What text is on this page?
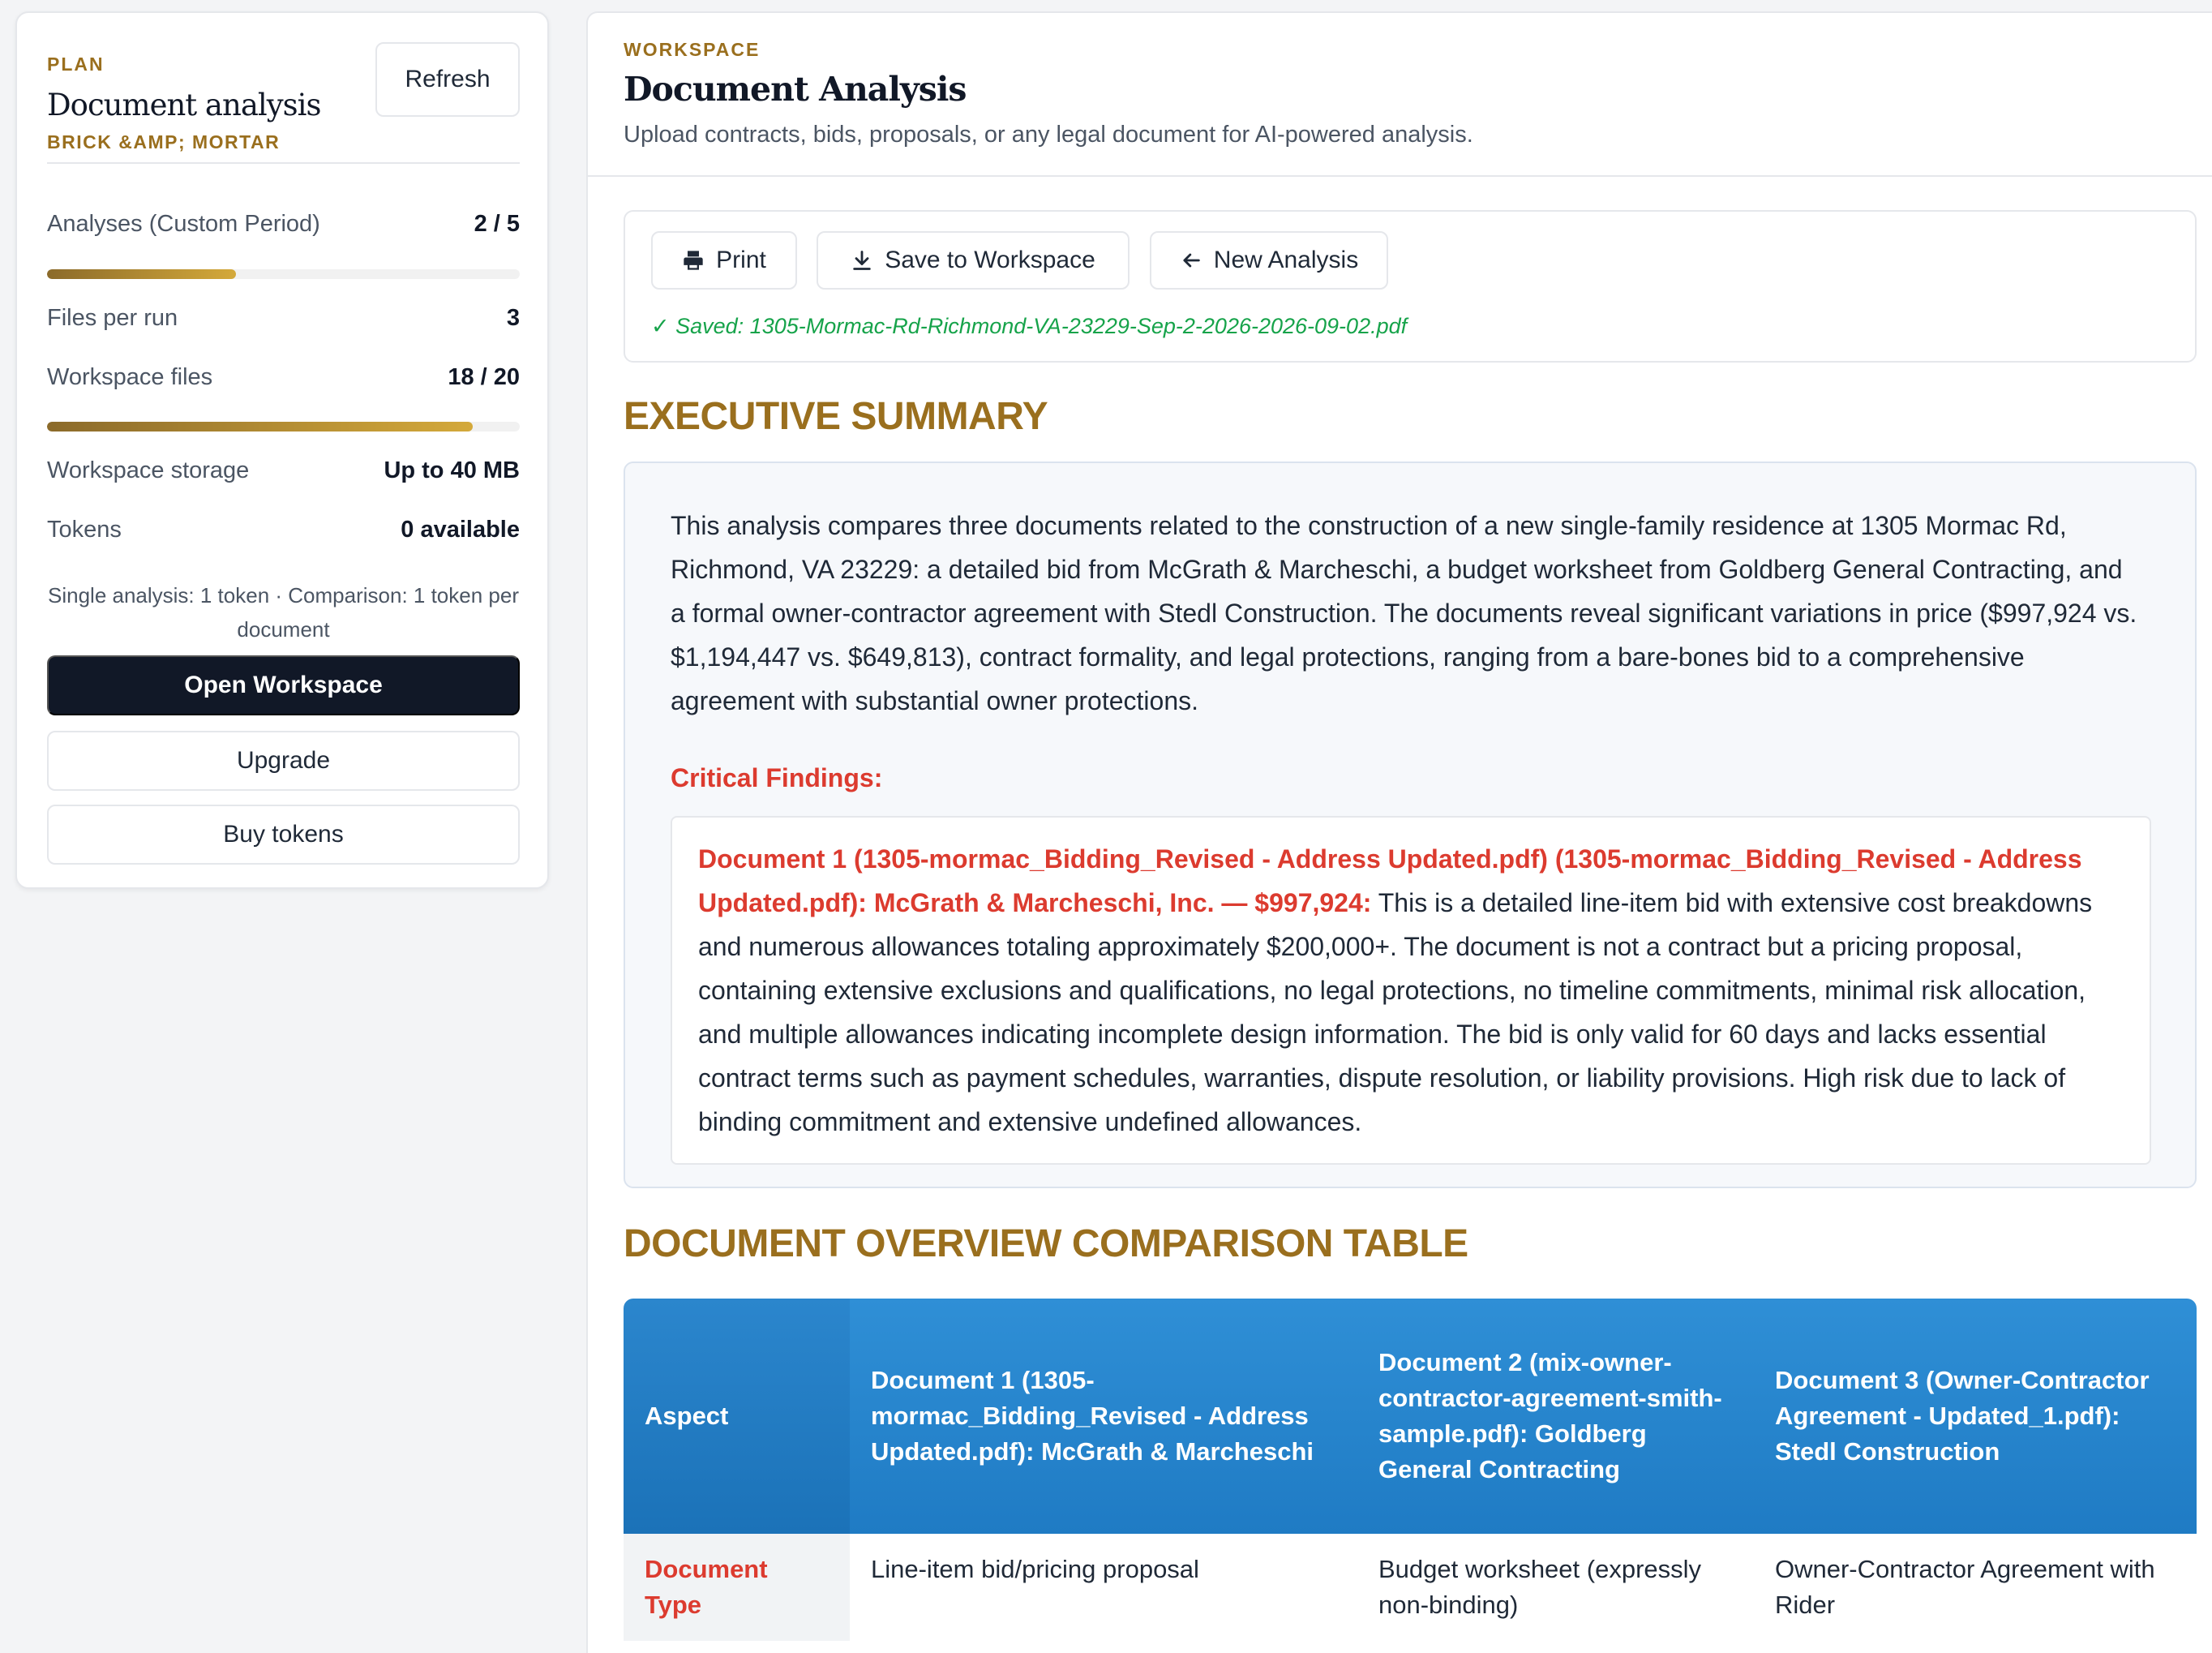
PLAN
Document analysis
BRICK &AMP; MORTAR
Refresh
Analyses (Custom Period)	2 / 5
Files per run	3
Workspace files	18 / 20
Workspace storage	Up to 40 MB
Tokens	0 available
Single analysis: 1 token · Comparison: 1 token per document
Open Workspace
Upgrade
Buy tokens
WORKSPACE
Document Analysis
Upload contracts, bids, proposals, or any legal document for AI-powered analysis.
Print	Save to Workspace	New Analysis
✓ Saved: 1305-Mormac-Rd-Richmond-VA-23229-Sep-2-2026-2026-09-02.pdf
EXECUTIVE SUMMARY

This analysis compares three documents related to the construction of a new single-family residence at 1305 Mormac Rd, Richmond, VA 23229: a detailed bid from McGrath & Marcheschi, a budget worksheet from Goldberg General Contracting, and a formal owner-contractor agreement with Stedl Construction. The documents reveal significant variations in price ($997,924 vs. $1,194,447 vs. $649,813), contract formality, and legal protections, ranging from a bare-bones bid to a comprehensive agreement with substantial owner protections.

Critical Findings:

Document 1 (1305-mormac_Bidding_Revised - Address Updated.pdf) (1305-mormac_Bidding_Revised - Address Updated.pdf): McGrath & Marcheschi, Inc. — $997,924: This is a detailed line-item bid with extensive cost breakdowns and numerous allowances totaling approximately $200,000+. The document is not a contract but a pricing proposal, containing extensive exclusions and qualifications, no legal protections, no timeline commitments, minimal risk allocation, and multiple allowances indicating incomplete design information. The bid is only valid for 60 days and lacks essential contract terms such as payment schedules, warranties, dispute resolution, or liability provisions. High risk due to lack of binding commitment and extensive undefined allowances.

DOCUMENT OVERVIEW COMPARISON TABLE
Aspect	Document 1 (1305-mormac_Bidding_Revised - Address Updated.pdf): McGrath & Marcheschi	Document 2 (mix-owner-contractor-agreement-smith-sample.pdf): Goldberg General Contracting	Document 3 (Owner-Contractor Agreement - Updated_1.pdf): Stedl Construction
Document Type	Line-item bid/pricing proposal	Budget worksheet (expressly non-binding)	Owner-Contractor Agreement with Rider
